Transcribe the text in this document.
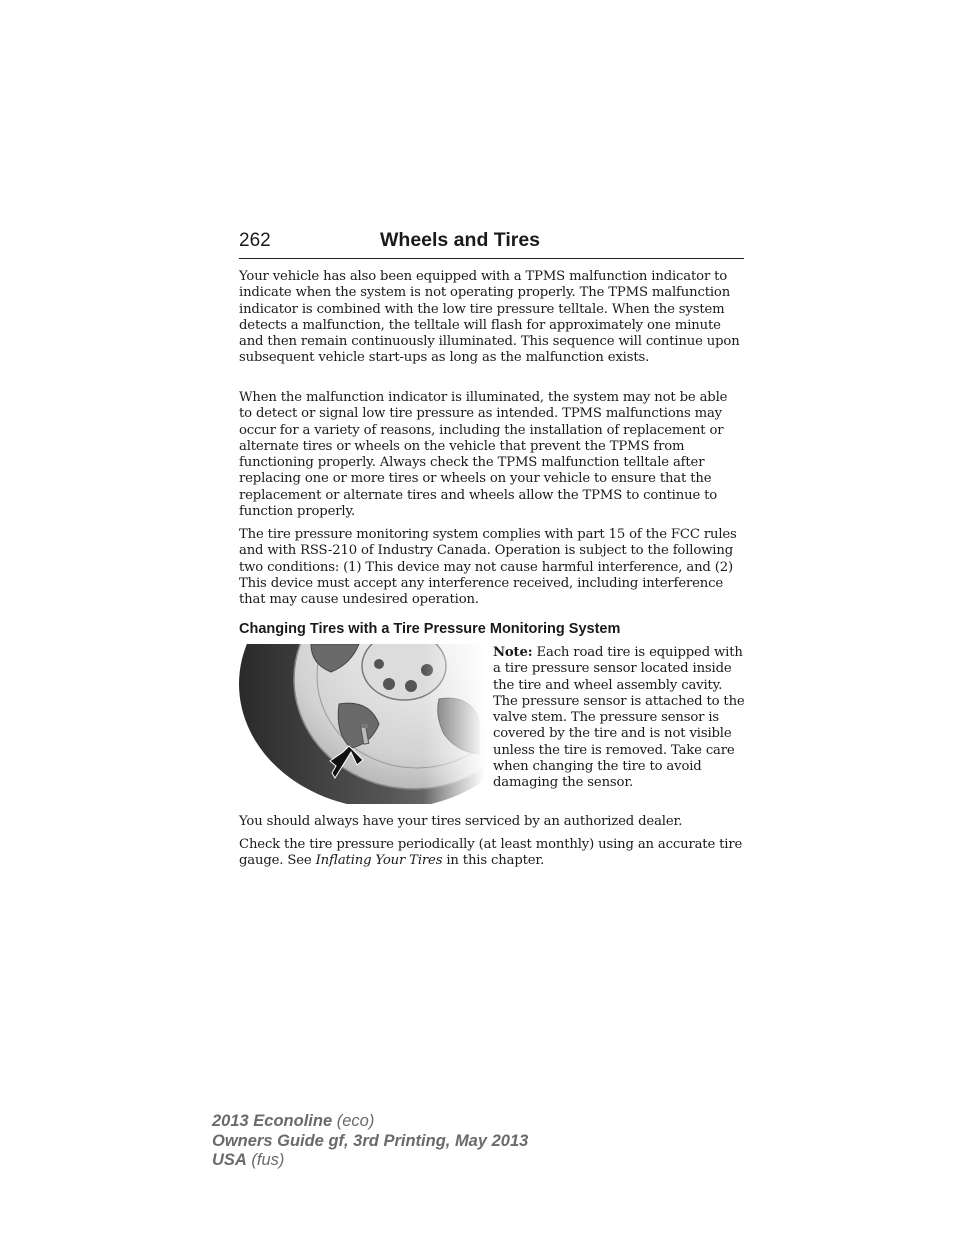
262	Wheels and Tires

Your vehicle has also been equipped with a TPMS malfunction indicator to indicate when the system is not operating properly. The TPMS malfunction indicator is combined with the low tire pressure telltale. When the system detects a malfunction, the telltale will flash for approximately one minute and then remain continuously illuminated. This sequence will continue upon subsequent vehicle start-ups as long as the malfunction exists.

When the malfunction indicator is illuminated, the system may not be able to detect or signal low tire pressure as intended. TPMS malfunctions may occur for a variety of reasons, including the installation of replacement or alternate tires or wheels on the vehicle that prevent the TPMS from functioning properly. Always check the TPMS malfunction telltale after replacing one or more tires or wheels on your vehicle to ensure that the replacement or alternate tires and wheels allow the TPMS to continue to function properly.

The tire pressure monitoring system complies with part 15 of the FCC rules and with RSS-210 of Industry Canada. Operation is subject to the following two conditions: (1) This device may not cause harmful interference, and (2) This device must accept any interference received, including interference that may cause undesired operation.

Changing Tires with a Tire Pressure Monitoring System
Note: Each road tire is equipped with a tire pressure sensor located inside the tire and wheel assembly cavity. The pressure sensor is attached to the valve stem. The pressure sensor is covered by the tire and is not visible unless the tire is removed. Take care when changing the tire to avoid damaging the sensor.

You should always have your tires serviced by an authorized dealer.

Check the tire pressure periodically (at least monthly) using an accurate tire gauge. See Inflating Your Tires in this chapter.

2013 Econoline (eco)
Owners Guide gf, 3rd Printing, May 2013
USA (fus)
